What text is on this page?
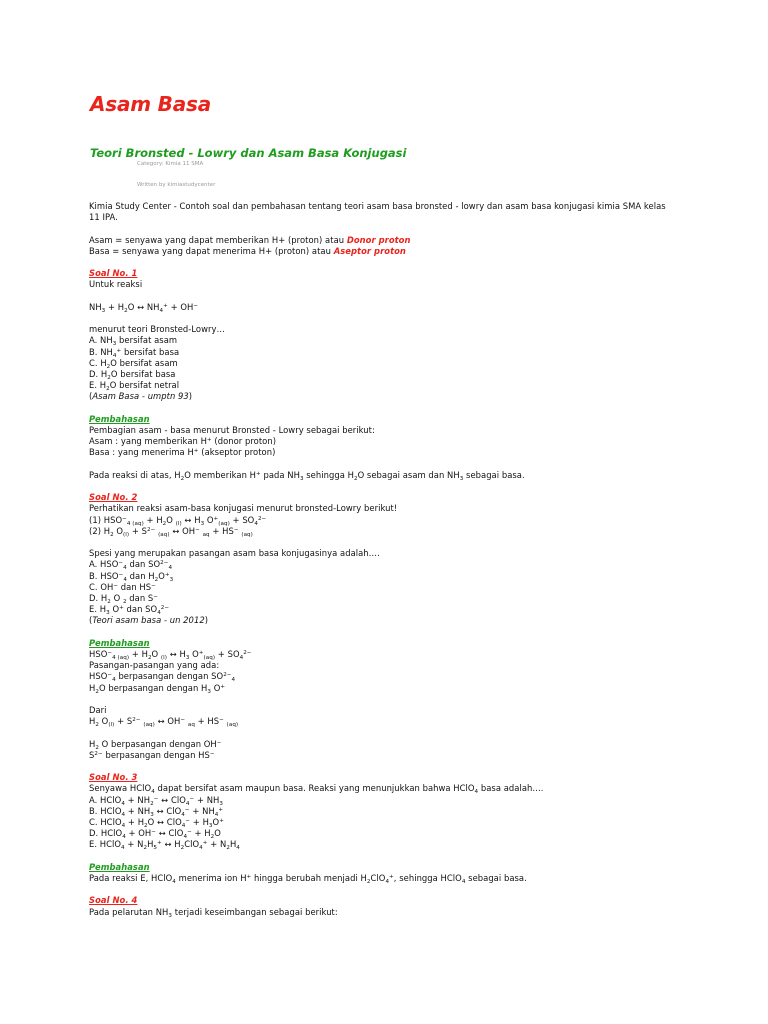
Asam Basa
Teori Bronsted - Lowry dan Asam Basa Konjugasi
Category: Kimia 11 SMA
Written by kimiastudycenter

Kimia Study Center - Contoh soal dan pembahasan tentang teori asam basa bronsted - lowry dan asam basa konjugasi kimia SMA kelas 11 IPA.

Asam = senyawa yang dapat memberikan H+ (proton) atau Donor proton

Basa = senyawa yang dapat menerima H+ (proton) atau Aseptor proton

Soal No. 1

Untuk reaksi

$NH_3 + H_2O$ ↔ $NH_4^+ + OH^-$

menurut teori Bronsted-Lowry…

A. $NH_3$ bersifat asam

B. $NH_4^+$ bersifat basa

C. $H_2O$ bersifat asam

D. $H_2O$ bersifat basa

E. $H_2O$ bersifat netral

(Asam Basa - umptn 93)

Pembahasan

Pembagian asam - basa menurut Bronsted - Lowry sebagai berikut:

Asam : yang memberikan H+ (donor proton)

Basa : yang menerima H+ (akseptor proton)

Pada reaksi di atas, $H_2O$ memberikan H+ pada $NH_3$ sehingga $H_2O$ sebagai asam dan $NH_3$ sebagai basa.

Soal No. 2

Perhatikan reaksi asam-basa konjugasi menurut bronsted-Lowry berikut!

(1) $HSO^-_{4 (aq)} + H_2O$ $_{(l)}$ ↔ $H_3$ $O^+_{(aq)} + SO_4^{2-}$

(2) $H_2$ $O_{(l)} + S^{2-}$ $_{(aq)}$ ↔ OH− $_{aq}$ + HS− $_{(aq)}$

Spesi yang merupakan pasangan asam basa konjugasinya adalah….

A. $HSO^-_4$ dan $SO^{2-}_4$

B. $HSO^-_4$ dan $H_2O^+_3$

C. OH− dan HS−

D. $H_2$ O $_2$ dan S−

E. $H_3$ O+ dan $SO_4^{2-}$

(Teori asam basa - un 2012)

Pembahasan

$HSO^-_{4 (aq)} + H_2O$ $_{(l)}$ ↔ $H_3$ $O^+_{(aq)} + SO_4^{2-}$

Pasangan-pasangan yang ada:

$HSO^-_4$ berpasangan dengan $SO^{2-}_4$

$H_2O$ berpasangan dengan $H_3$ O+

Dari

$H_2$ $O_{(l)} + S^{2-}$ $_{(aq)}$ ↔ OH− $_{aq}$ + HS− $_{(aq)}$

$H_2$ O berpasangan dengan OH−

$S^{2-}$ berpasangan dengan HS−

Soal No. 3

Senyawa HClO$_4$ dapat bersifat asam maupun basa. Reaksi yang menunjukkan bahwa HClO$_4$ basa adalah….

A. HClO$_4$ + $NH_2^-$ ↔ $ClO_4^- + NH_3$

B. HClO$_4$ + $NH_3$ ↔ $ClO_4^- + NH_4^+$

C. HClO$_4$ + $H_2O$ ↔ $ClO_4^- + H_3O^+$

D. HClO$_4$ + OH− ↔ $ClO_4^- + H_2O$

E. HClO$_4$ + $N_2H_5^+$ ↔ $H_2ClO_4^+ + N_2H_4$

Pembahasan

Pada reaksi E, HClO$_4$ menerima ion H+ hingga berubah menjadi $H_2ClO_4^+$, sehingga HClO$_4$ sebagai basa.

Soal No. 4

Pada pelarutan $NH_3$ terjadi keseimbangan sebagai berikut:
